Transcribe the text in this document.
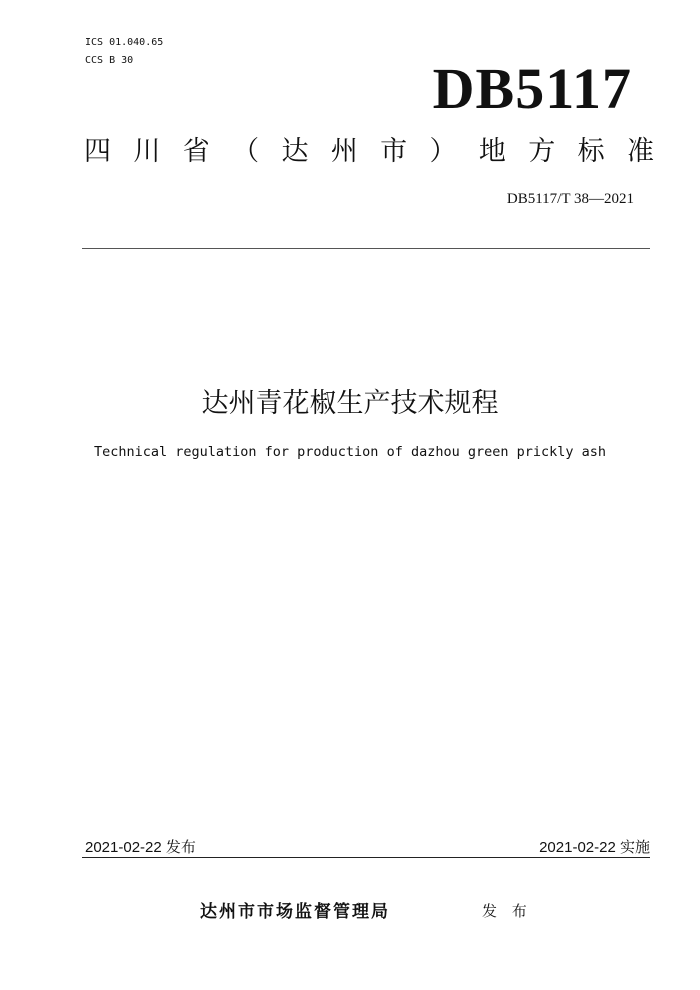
ICS 01.040.65
CCS B 30	DB5117
四 川 省 （ 达 州 市 ） 地 方 标 准
DB5117/T 38—2021
达州青花椒生产技术规程
Technical regulation for production of dazhou green prickly ash
2021-02-22 发布	2021-02-22 实施
达州市市场监督管理局	发 布
